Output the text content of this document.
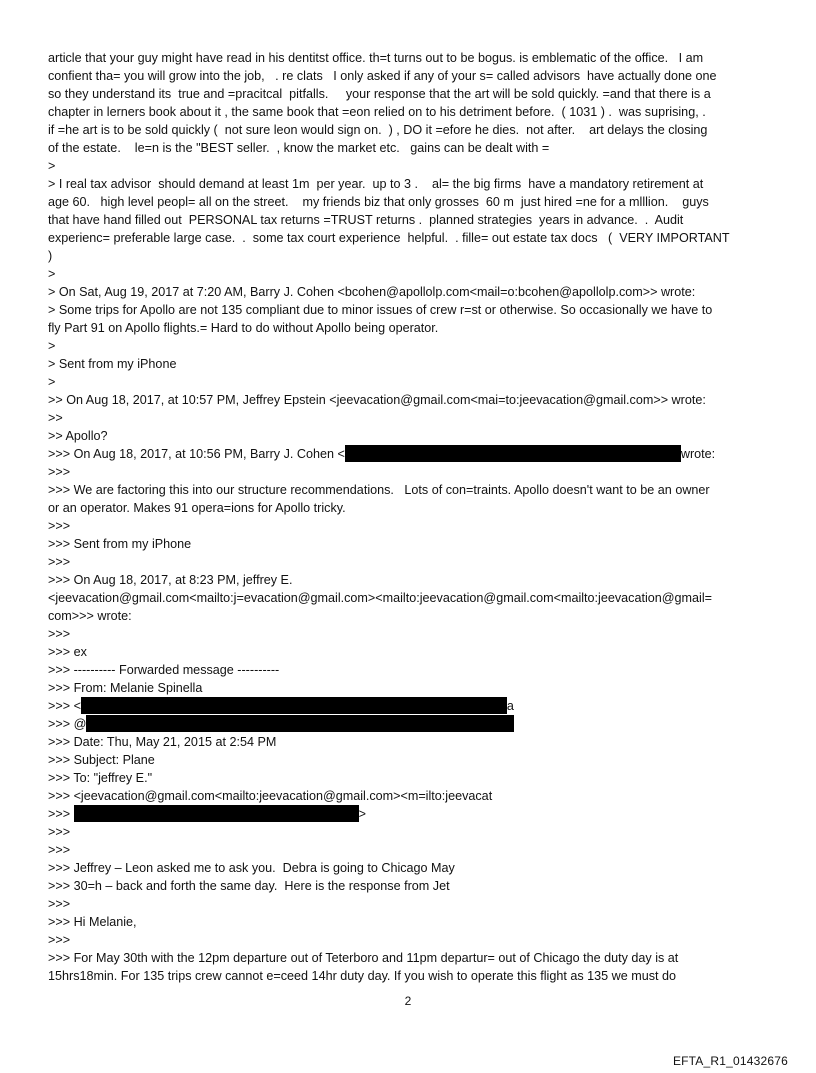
article that your guy might have read in his dentitst office. th=t turns out to be bogus. is emblematic of the office.   I am
confient tha= you will grow into the job,   . re clats   I only asked if any of your s= called advisors  have actually done one
so they understand its  true and =pracitcal  pitfalls.     your response that the art will be sold quickly. =and that there is a
chapter in lerners book about it , the same book that =eon relied on to his detriment before.  ( 1031 ) .  was suprising, .
if =he art is to be sold quickly (  not sure leon would sign on.  ) , DO it =efore he dies.  not after.    art delays the closing
of the estate.    le=n is the "BEST seller.  , know the market etc.   gains can be dealt with =
>
> I real tax advisor  should demand at least 1m  per year.  up to 3 .    al= the big firms  have a mandatory retirement at
age 60.   high level peopl= all on the street.    my friends biz that only grosses  60 m  just hired =ne for a mlllion.    guys
that have hand filled out  PERSONAL tax returns =TRUST returns .  planned strategies  years in advance.  .  Audit
experienc= preferable large case.  .  some tax court experience  helpful.  . fille= out estate tax docs   (  VERY IMPORTANT
)
>
> On Sat, Aug 19, 2017 at 7:20 AM, Barry J. Cohen <bcohen@apollolp.com<mail=o:bcohen@apollolp.com>> wrote:
> Some trips for Apollo are not 135 compliant due to minor issues of crew r=st or otherwise. So occasionally we have to
fly Part 91 on Apollo flights.= Hard to do without Apollo being operator.
>
> Sent from my iPhone
>
>> On Aug 18, 2017, at 10:57 PM, Jeffrey Epstein <jeevacation@gmail.com<mai=to:jeevacation@gmail.com>> wrote:
>>
>> Apollo?
>>> On Aug 18, 2017, at 10:56 PM, Barry J. Cohen <	wrote:
>>>
>>> We are factoring this into our structure recommendations.   Lots of con=traints. Apollo doesn't want to be an owner
or an operator. Makes 91 opera=ions for Apollo tricky.
>>>
>>> Sent from my iPhone
>>>
>>> On Aug 18, 2017, at 8:23 PM, jeffrey E.
<jeevacation@gmail.com<mailto:j=evacation@gmail.com><mailto:jeevacation@gmail.com<mailto:jeevacation@gmail=
com>>> wrote:
>>>
>>> ex
>>> ---------- Forwarded message ----------
>>> From: Melanie Spinella
>>> <	a
>>> @
>>> Date: Thu, May 21, 2015 at 2:54 PM
>>> Subject: Plane
>>> To: "jeffrey E."
>>> <jeevacation@gmail.com<mailto:jeevacation@gmail.com><m=ilto:jeevacat
>>>	>
>>>
>>>
>>> Jeffrey – Leon asked me to ask you.  Debra is going to Chicago May
>>> 30=h – back and forth the same day.  Here is the response from Jet
>>>
>>> Hi Melanie,
>>>
>>> For May 30th with the 12pm departure out of Teterboro and 11pm departur= out of Chicago the duty day is at
15hrs18min. For 135 trips crew cannot e=ceed 14hr duty day. If you wish to operate this flight as 135 we must do
2
EFTA_R1_01432676
